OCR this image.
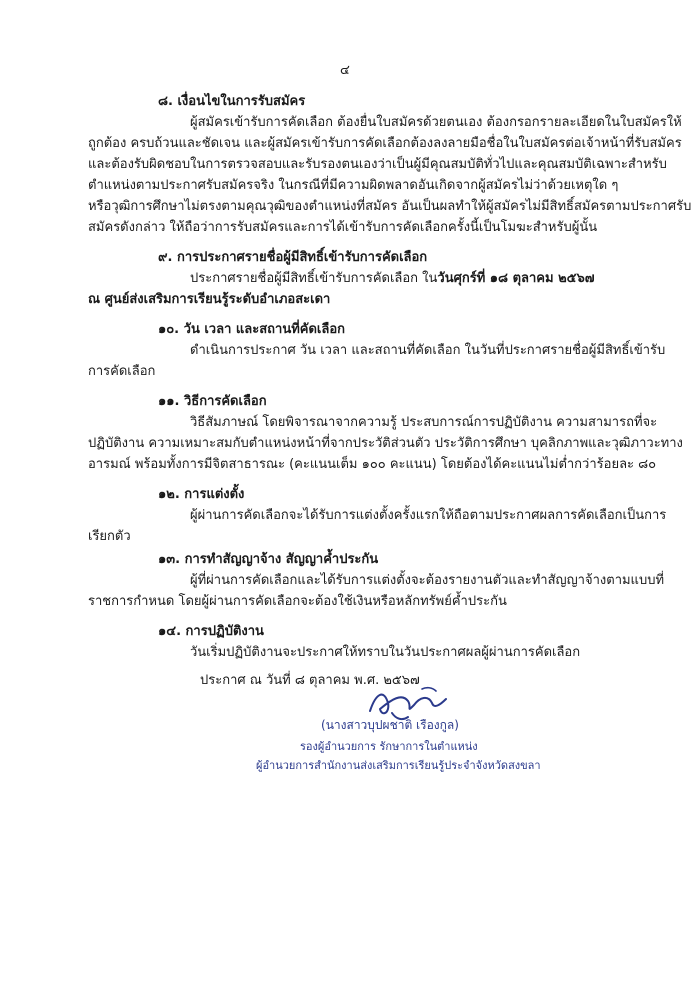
๔
๘. เงื่อนไขในการรับสมัคร
ผู้สมัครเข้ารับการคัดเลือก ต้องยื่นใบสมัครด้วยตนเอง ต้องกรอกรายละเอียดในใบสมัครให้
ถูกต้อง ครบถ้วนและชัดเจน และผู้สมัครเข้ารับการคัดเลือกต้องลงลายมือชื่อในใบสมัครต่อเจ้าหน้าที่รับสมัคร
และต้องรับผิดชอบในการตรวจสอบและรับรองตนเองว่าเป็นผู้มีคุณสมบัติทั่วไปและคุณสมบัติเฉพาะสำหรับ
ตำแหน่งตามประกาศรับสมัครจริง ในกรณีที่มีความผิดพลาดอันเกิดจากผู้สมัครไม่ว่าด้วยเหตุใด ๆ
หรือวุฒิการศึกษาไม่ตรงตามคุณวุฒิของตำแหน่งที่สมัคร อันเป็นผลทำให้ผู้สมัครไม่มีสิทธิ์สมัครตามประกาศรับ
สมัครดังกล่าว ให้ถือว่าการรับสมัครและการได้เข้ารับการคัดเลือกครั้งนี้เป็นโมฆะสำหรับผู้นั้น
๙. การประกาศรายชื่อผู้มีสิทธิ์เข้ารับการคัดเลือก
ประกาศรายชื่อผู้มีสิทธิ์เข้ารับการคัดเลือก ในวันศุกร์ที่ ๑๘ ตุลาคม ๒๕๖๗
ณ ศูนย์ส่งเสริมการเรียนรู้ระดับอำเภอสะเดา
๑๐. วัน เวลา และสถานที่คัดเลือก
ดำเนินการประกาศ วัน เวลา และสถานที่คัดเลือก ในวันที่ประกาศรายชื่อผู้มีสิทธิ์เข้ารับ
การคัดเลือก
๑๑. วิธีการคัดเลือก
วิธีสัมภาษณ์ โดยพิจารณาจากความรู้ ประสบการณ์การปฏิบัติงาน ความสามารถที่จะ
ปฏิบัติงาน ความเหมาะสมกับตำแหน่งหน้าที่จากประวัติส่วนตัว ประวัติการศึกษา บุคลิกภาพและวุฒิภาวะทาง
อารมณ์ พร้อมทั้งการมีจิตสาธารณะ (คะแนนเต็ม ๑๐๐ คะแนน) โดยต้องได้คะแนนไม่ต่ำกว่าร้อยละ ๘๐
๑๒. การแต่งตั้ง
ผู้ผ่านการคัดเลือกจะได้รับการแต่งตั้งครั้งแรกให้ถือตามประกาศผลการคัดเลือกเป็นการ
เรียกตัว
๑๓. การทำสัญญาจ้าง สัญญาค้ำประกัน
ผู้ที่ผ่านการคัดเลือกและได้รับการแต่งตั้งจะต้องรายงานตัวและทำสัญญาจ้างตามแบบที่
ราชการกำหนด โดยผู้ผ่านการคัดเลือกจะต้องใช้เงินหรือหลักทรัพย์ค้ำประกัน
๑๔. การปฏิบัติงาน
วันเริ่มปฏิบัติงานจะประกาศให้ทราบในวันประกาศผลผู้ผ่านการคัดเลือก
ประกาศ ณ วันที่ ๘ ตุลาคม พ.ศ. ๒๕๖๗
(นางสาวบุปผชาติ เรืองกูล)
รองผู้อำนวยการ รักษาการในตำแหน่ง
ผู้อำนวยการสำนักงานส่งเสริมการเรียนรู้ประจำจังหวัดสงขลา
